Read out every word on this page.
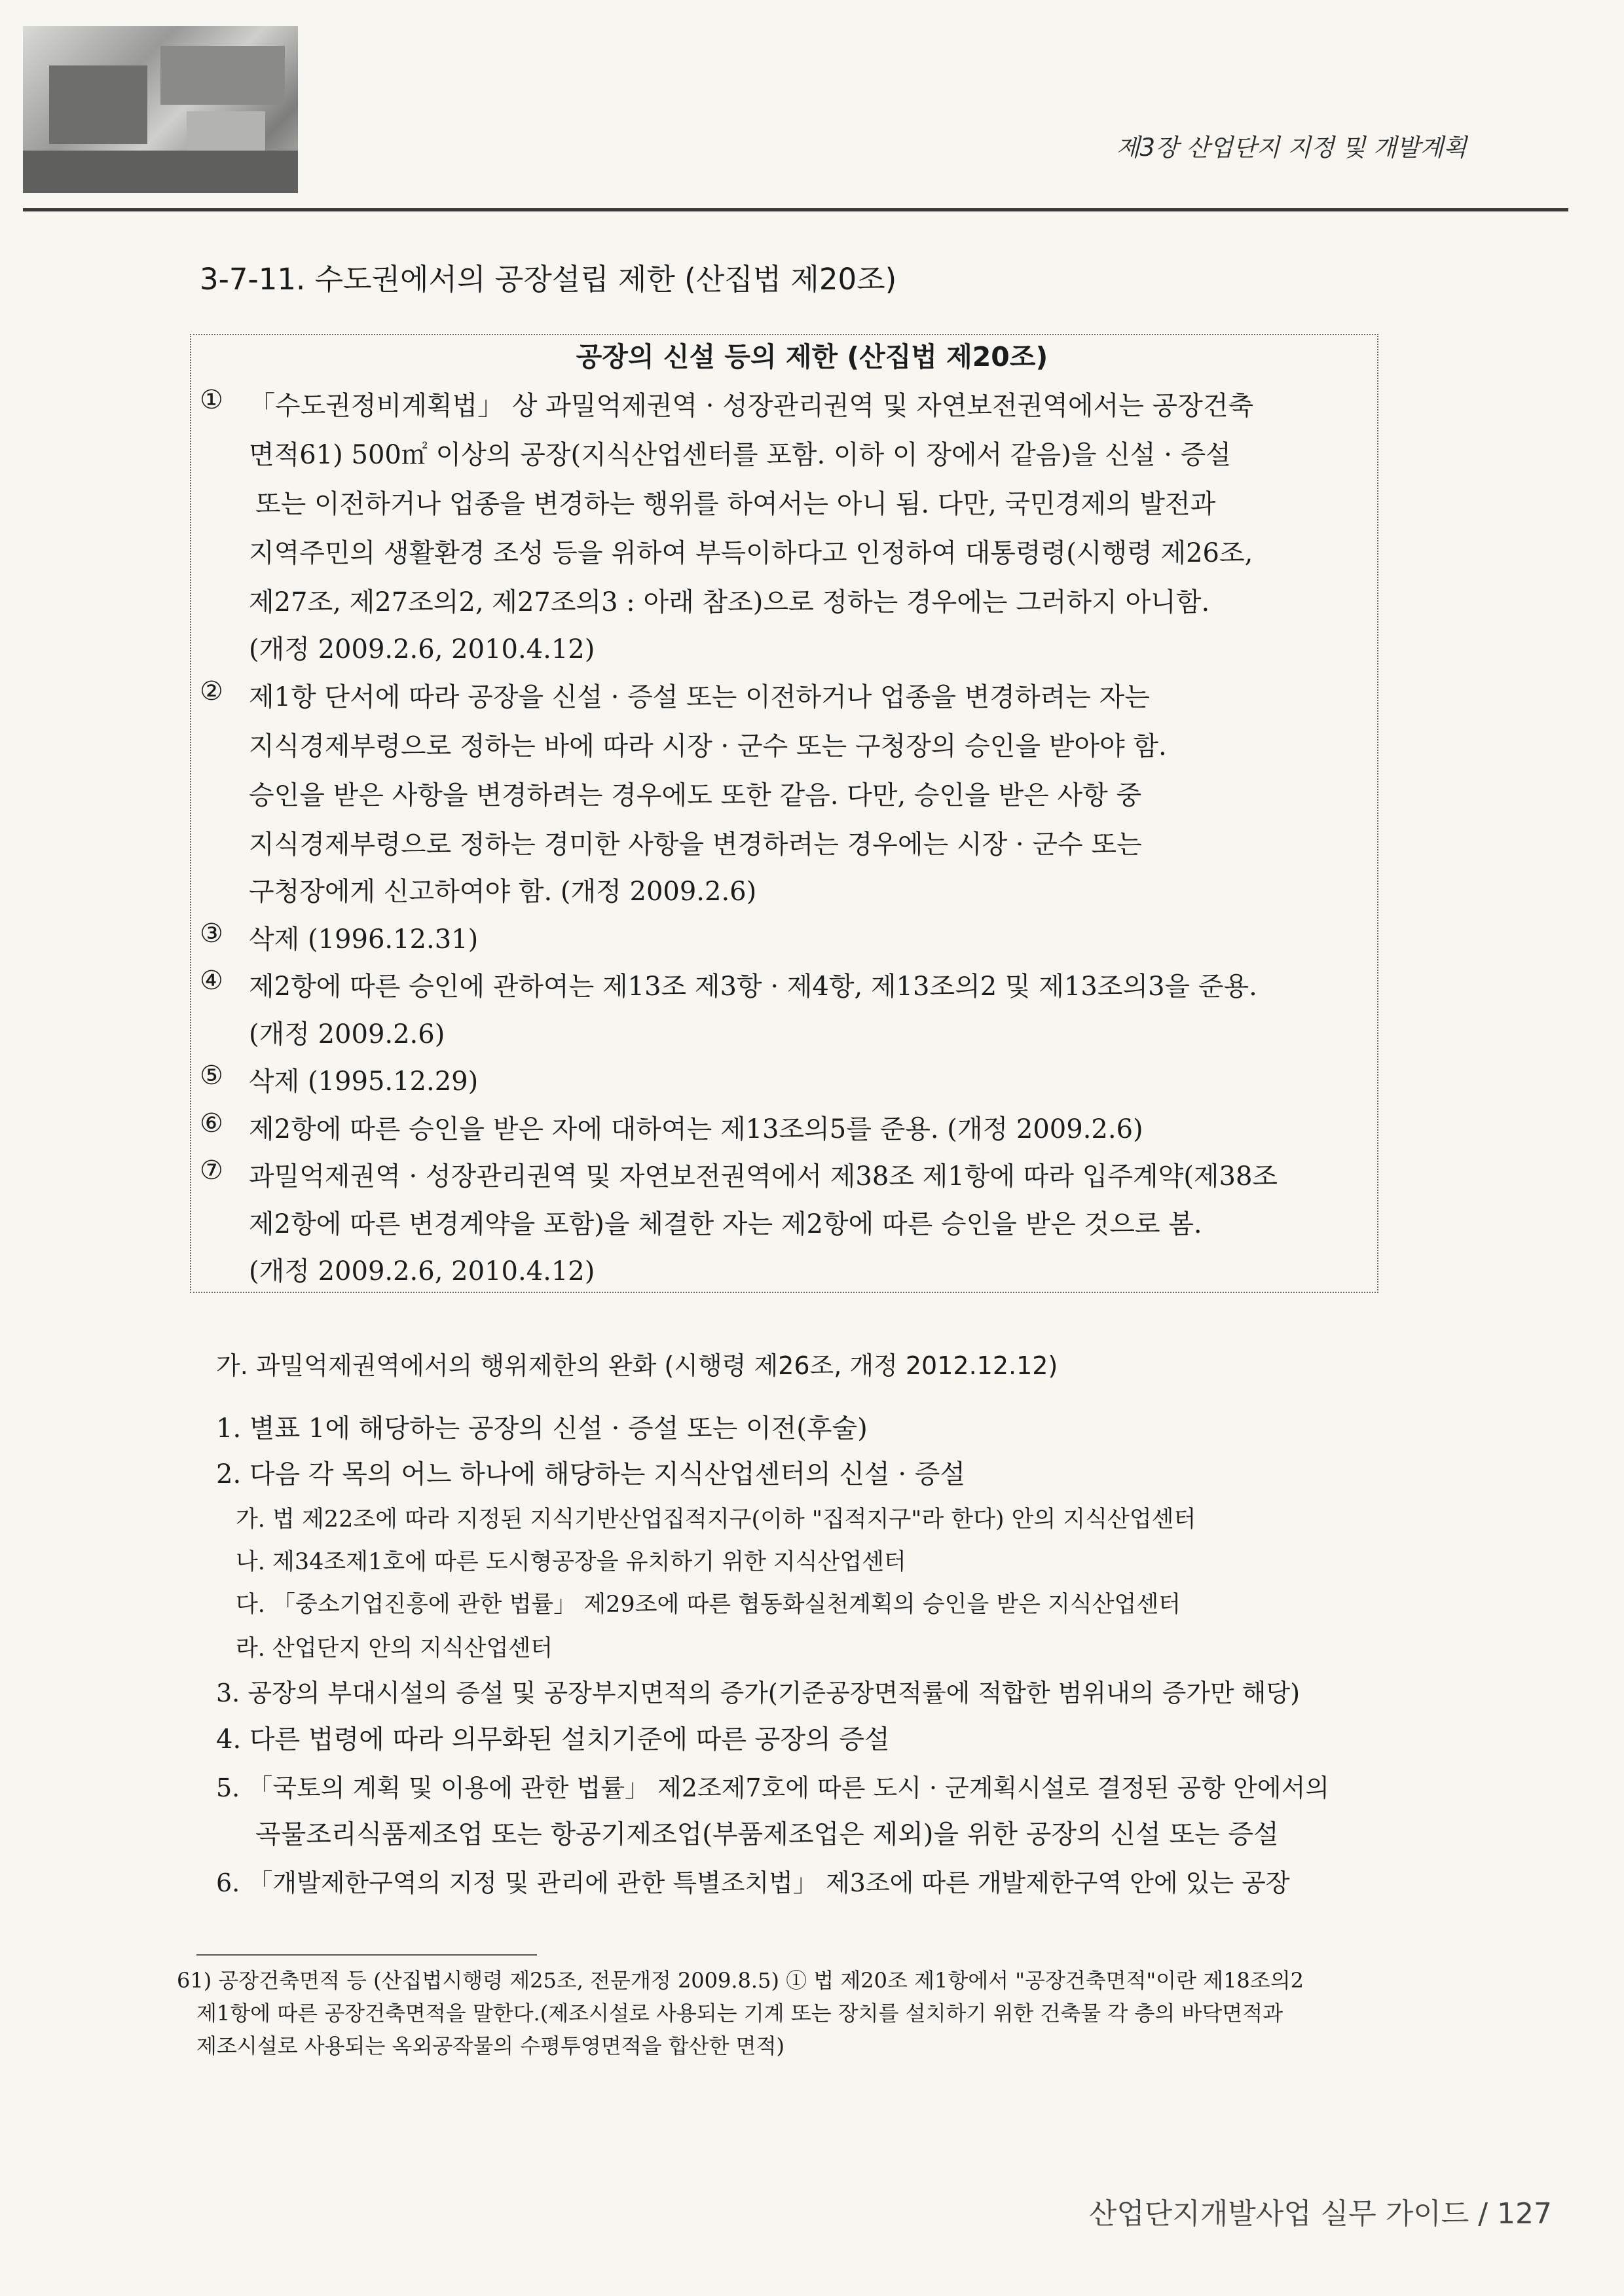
제3장 산업단지 지정 및 개발계획
3-7-11. 수도권에서의 공장설립 제한 (산집법 제20조)
공장의 신설 등의 제한 (산집법 제20조)
① 「수도권정비계획법」 상 과밀억제권역 · 성장관리권역 및 자연보전권역에서는 공장건축
면적61) 500㎡ 이상의 공장(지식산업센터를 포함. 이하 이 장에서 같음)을 신설 · 증설
또는 이전하거나 업종을 변경하는 행위를 하여서는 아니 됨. 다만, 국민경제의 발전과
지역주민의 생활환경 조성 등을 위하여 부득이하다고 인정하여 대통령령(시행령 제26조,
제27조, 제27조의2, 제27조의3 : 아래 참조)으로 정하는 경우에는 그러하지 아니함.
(개정 2009.2.6, 2010.4.12)
② 제1항 단서에 따라 공장을 신설 · 증설 또는 이전하거나 업종을 변경하려는 자는
지식경제부령으로 정하는 바에 따라 시장 · 군수 또는 구청장의 승인을 받아야 함.
승인을 받은 사항을 변경하려는 경우에도 또한 같음. 다만, 승인을 받은 사항 중
지식경제부령으로 정하는 경미한 사항을 변경하려는 경우에는 시장 · 군수 또는
구청장에게 신고하여야 함. (개정 2009.2.6)
③ 삭제 (1996.12.31)
④ 제2항에 따른 승인에 관하여는 제13조 제3항 · 제4항, 제13조의2 및 제13조의3을 준용.
(개정 2009.2.6)
⑤ 삭제 (1995.12.29)
⑥ 제2항에 따른 승인을 받은 자에 대하여는 제13조의5를 준용. (개정 2009.2.6)
⑦ 과밀억제권역 · 성장관리권역 및 자연보전권역에서 제38조 제1항에 따라 입주계약(제38조
제2항에 따른 변경계약을 포함)을 체결한 자는 제2항에 따른 승인을 받은 것으로 봄.
(개정 2009.2.6, 2010.4.12)
가. 과밀억제권역에서의 행위제한의 완화 (시행령 제26조, 개정 2012.12.12)
1. 별표 1에 해당하는 공장의 신설 · 증설 또는 이전(후술)
2. 다음 각 목의 어느 하나에 해당하는 지식산업센터의 신설 · 증설
가. 법 제22조에 따라 지정된 지식기반산업집적지구(이하 "집적지구"라 한다) 안의 지식산업센터
나. 제34조제1호에 따른 도시형공장을 유치하기 위한 지식산업센터
다. 「중소기업진흥에 관한 법률」 제29조에 따른 협동화실천계획의 승인을 받은 지식산업센터
라. 산업단지 안의 지식산업센터
3. 공장의 부대시설의 증설 및 공장부지면적의 증가(기준공장면적률에 적합한 범위내의 증가만 해당)
4. 다른 법령에 따라 의무화된 설치기준에 따른 공장의 증설
5. 「국토의 계획 및 이용에 관한 법률」 제2조제7호에 따른 도시 · 군계획시설로 결정된 공항 안에서의
곡물조리식품제조업 또는 항공기제조업(부품제조업은 제외)을 위한 공장의 신설 또는 증설
6. 「개발제한구역의 지정 및 관리에 관한 특별조치법」 제3조에 따른 개발제한구역 안에 있는 공장
61) 공장건축면적 등 (산집법시행령 제25조, 전문개정 2009.8.5) ① 법 제20조 제1항에서 "공장건축면적"이란 제18조의2
제1항에 따른 공장건축면적을 말한다.(제조시설로 사용되는 기계 또는 장치를 설치하기 위한 건축물 각 층의 바닥면적과
제조시설로 사용되는 옥외공작물의 수평투영면적을 합산한 면적)
산업단지개발사업 실무 가이드 / 127
